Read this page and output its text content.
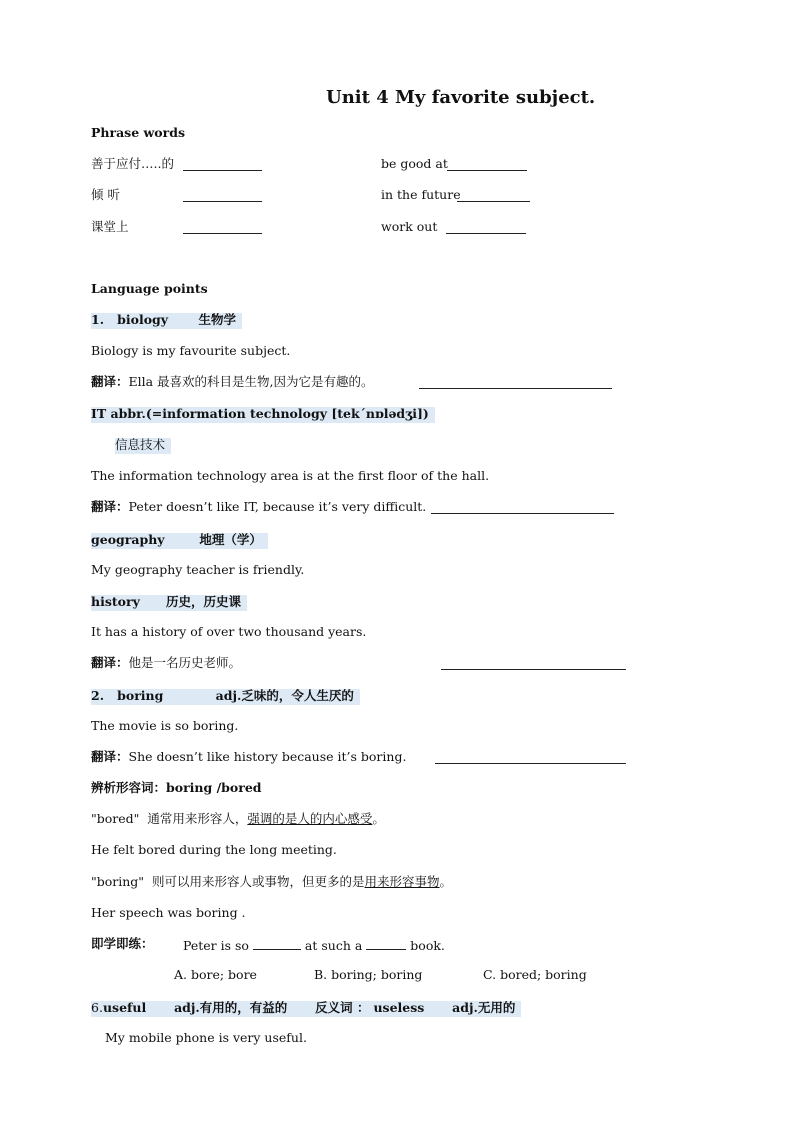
Unit 4 My favorite subject.
Phrase words
善于应付…..的	be good at
倾 听	in the future
课堂上	work out
Language points
1. biology 生物学
Biology is my favourite subject.
翻译：Ella 最喜欢的科目是生物,因为它是有趣的。
IT abbr.(=information technology [tek΄nɒlədʒi])
信息技术
The information technology area is at the first floor of the hall.
翻译：Peter doesn’t like IT, because it’s very difficult.
geography	地理（学）
My geography teacher is friendly.
history 历史，历史课
It has a history of over two thousand years.
翻译：他是一名历史老师。
2. boring	adj.乏味的，令人生厌的
The movie is so boring.
翻译：She doesn’t like history because it’s boring.
辨析形容词：boring /bored
"bored" 通常用来形容人，强调的是人的内心感受。
He felt bored during the long meeting.
"boring" 则可以用来形容人或事物，但更多的是用来形容事物。
Her speech was boring .
即学即练： Peter is so	at such a	book.
A. bore; bore	B. boring; boring	C. bored; boring
6.useful adj.有用的，有益的 反义词 ： useless adj.无用的
My mobile phone is very useful.
